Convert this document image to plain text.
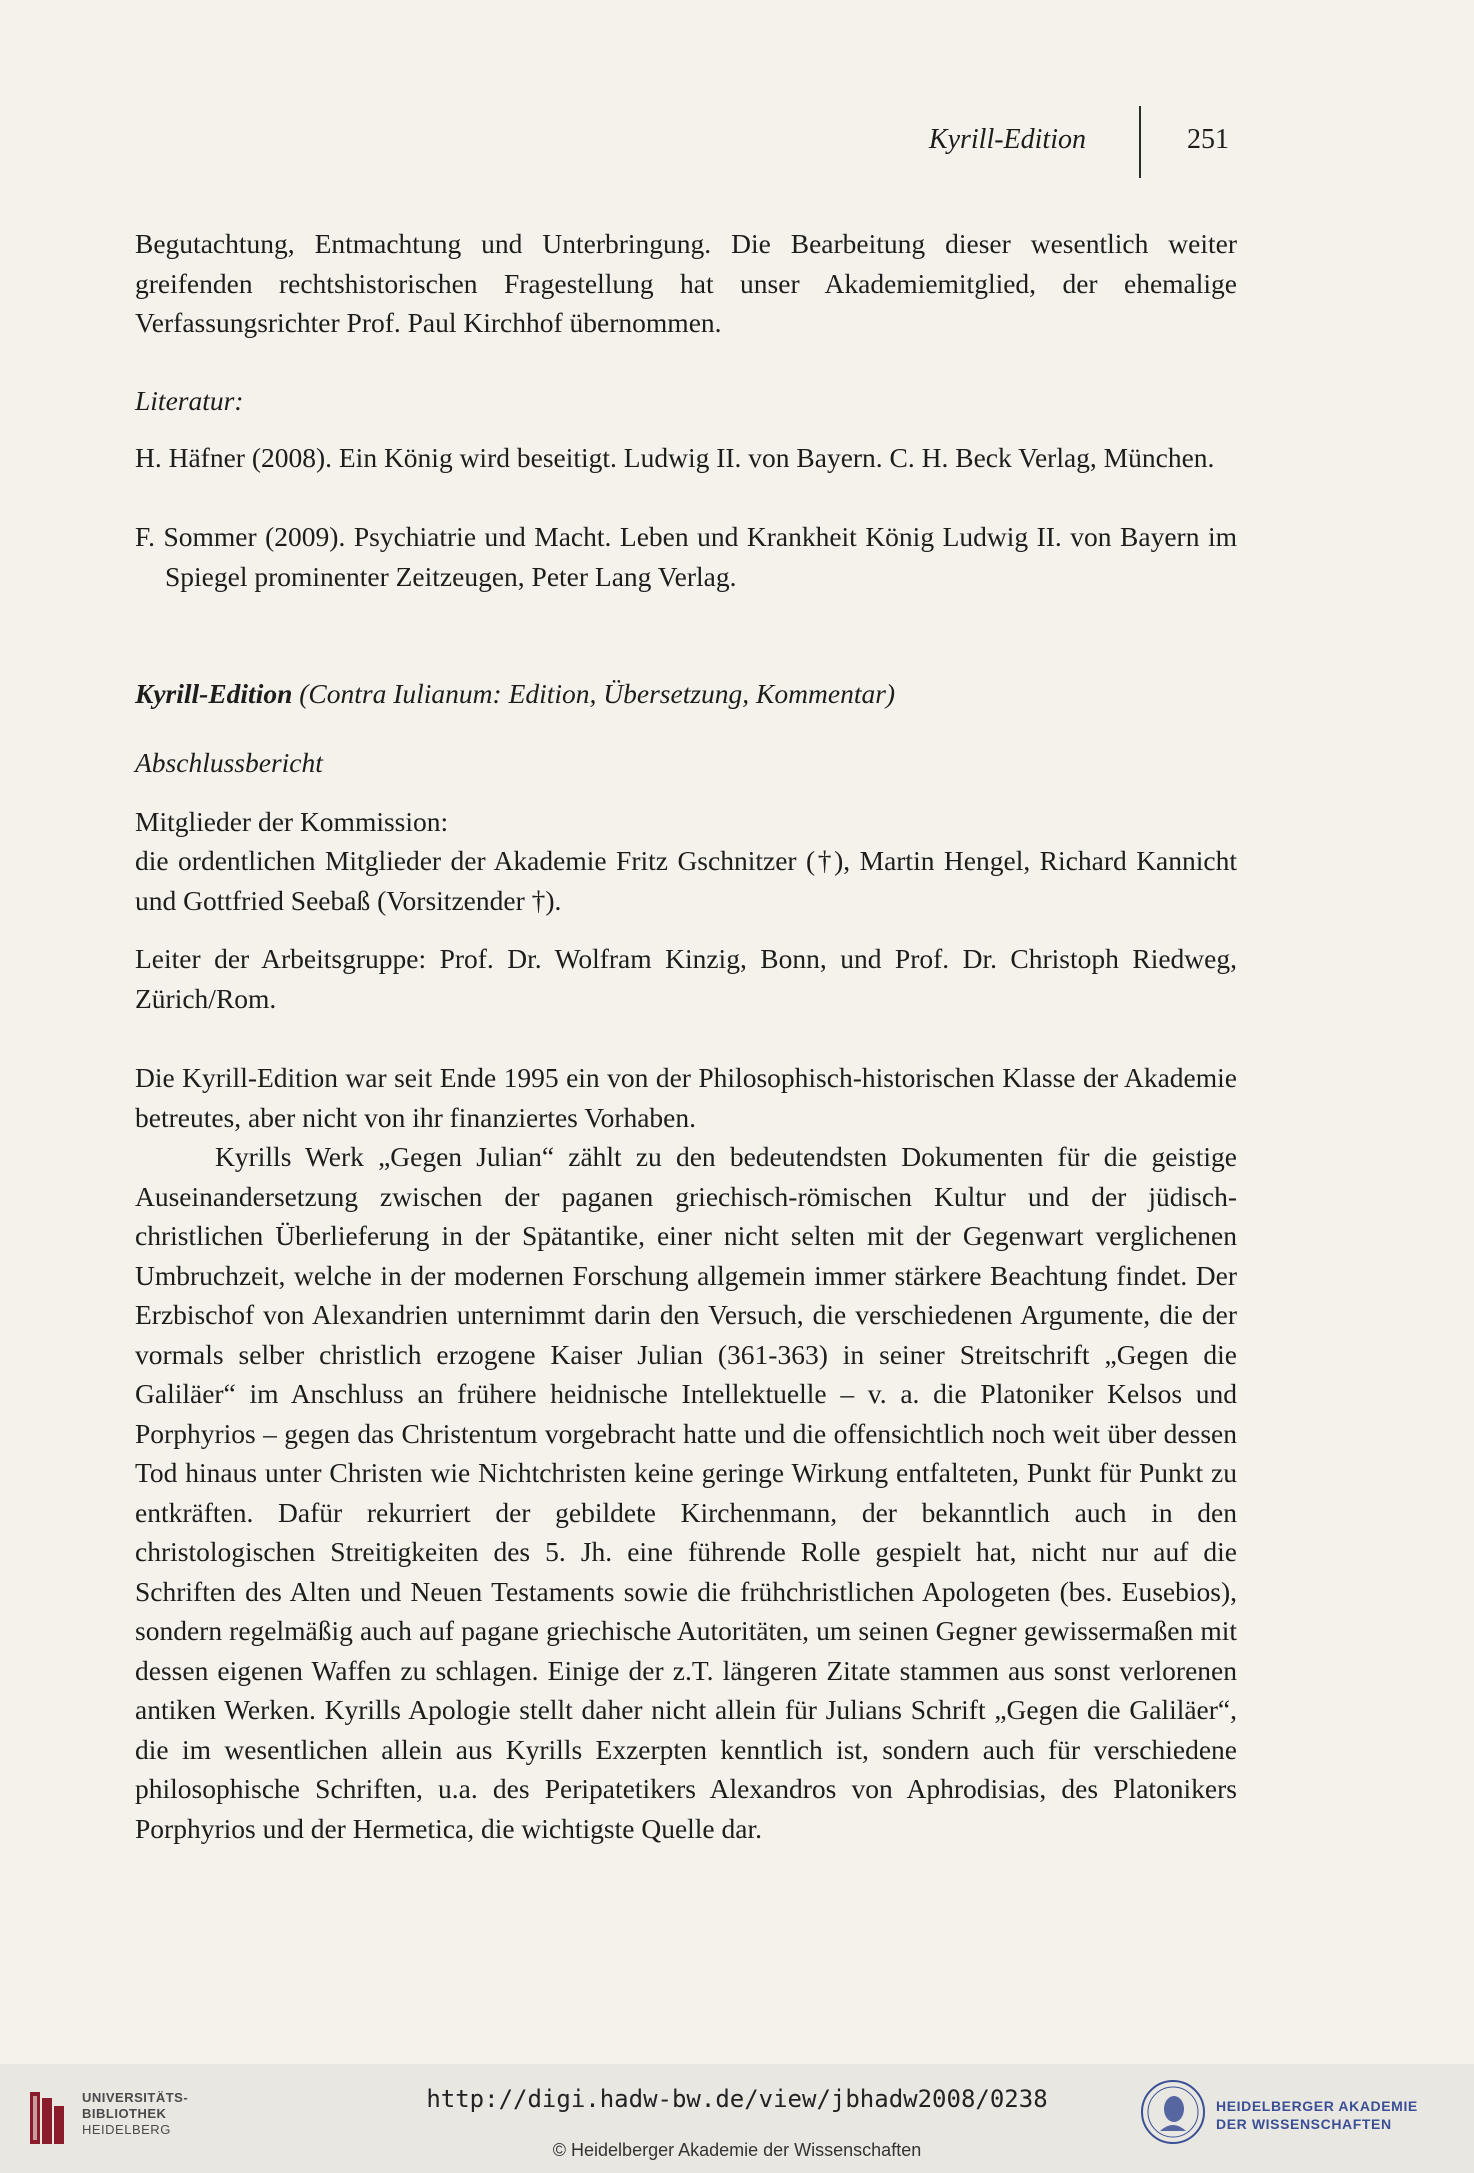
Kyrill-Edition	251

Begutachtung, Entmachtung und Unterbringung. Die Bearbeitung dieser wesentlich weiter greifenden rechtshistorischen Fragestellung hat unser Akademiemitglied, der ehemalige Verfassungsrichter Prof. Paul Kirchhof übernommen.

Literatur:
H. Häfner (2008). Ein König wird beseitigt. Ludwig II. von Bayern. C. H. Beck Verlag, München.
F. Sommer (2009). Psychiatrie und Macht. Leben und Krankheit König Ludwig II. von Bayern im Spiegel prominenter Zeitzeugen, Peter Lang Verlag.
Kyrill-Edition (Contra Iulianum: Edition, Übersetzung, Kommentar)
Abschlussbericht
Mitglieder der Kommission:
die ordentlichen Mitglieder der Akademie Fritz Gschnitzer (†), Martin Hengel, Richard Kannicht und Gottfried Seebaß (Vorsitzender †).
Leiter der Arbeitsgruppe: Prof. Dr. Wolfram Kinzig, Bonn, und Prof. Dr. Christoph Riedweg, Zürich/Rom.
Die Kyrill-Edition war seit Ende 1995 ein von der Philosophisch-historischen Klasse der Akademie betreutes, aber nicht von ihr finanziertes Vorhaben.
Kyrills Werk „Gegen Julian“ zählt zu den bedeutendsten Dokumenten für die geistige Auseinandersetzung zwischen der paganen griechisch-römischen Kultur und der jüdisch-christlichen Überlieferung in der Spätantike, einer nicht selten mit der Gegenwart verglichenen Umbruchzeit, welche in der modernen Forschung allgemein immer stärkere Beachtung findet. Der Erzbischof von Alexandrien unternimmt darin den Versuch, die verschiedenen Argumente, die der vormals selber christlich erzogene Kaiser Julian (361-363) in seiner Streitschrift „Gegen die Galiläer“ im Anschluss an frühere heidnische Intellektuelle – v. a. die Platoniker Kelsos und Porphyrios – gegen das Christentum vorgebracht hatte und die offensichtlich noch weit über dessen Tod hinaus unter Christen wie Nichtchristen keine geringe Wirkung entfalteten, Punkt für Punkt zu entkräften. Dafür rekurriert der gebildete Kirchenmann, der bekanntlich auch in den christologischen Streitigkeiten des 5. Jh. eine führende Rolle gespielt hat, nicht nur auf die Schriften des Alten und Neuen Testaments sowie die frühchristlichen Apologeten (bes. Eusebios), sondern regelmäßig auch auf pagane griechische Autoritäten, um seinen Gegner gewissermaßen mit dessen eigenen Waffen zu schlagen. Einige der z.T. längeren Zitate stammen aus sonst verlorenen antiken Werken. Kyrills Apologie stellt daher nicht allein für Julians Schrift „Gegen die Galiläer“, die im wesentlichen allein aus Kyrills Exzerpten kenntlich ist, sondern auch für verschiedene philosophische Schriften, u.a. des Peripatetikers Alexandros von Aphrodisias, des Platonikers Porphyrios und der Hermetica, die wichtigste Quelle dar.
UNIVERSITÄTS-
BIBLIOTHEK
HEIDELBERG
http://digi.hadw-bw.de/view/jbhadw2008/0238
© Heidelberger Akademie der Wissenschaften
HEIDELBERGER AKADEMIE
DER WISSENSCHAFTEN
